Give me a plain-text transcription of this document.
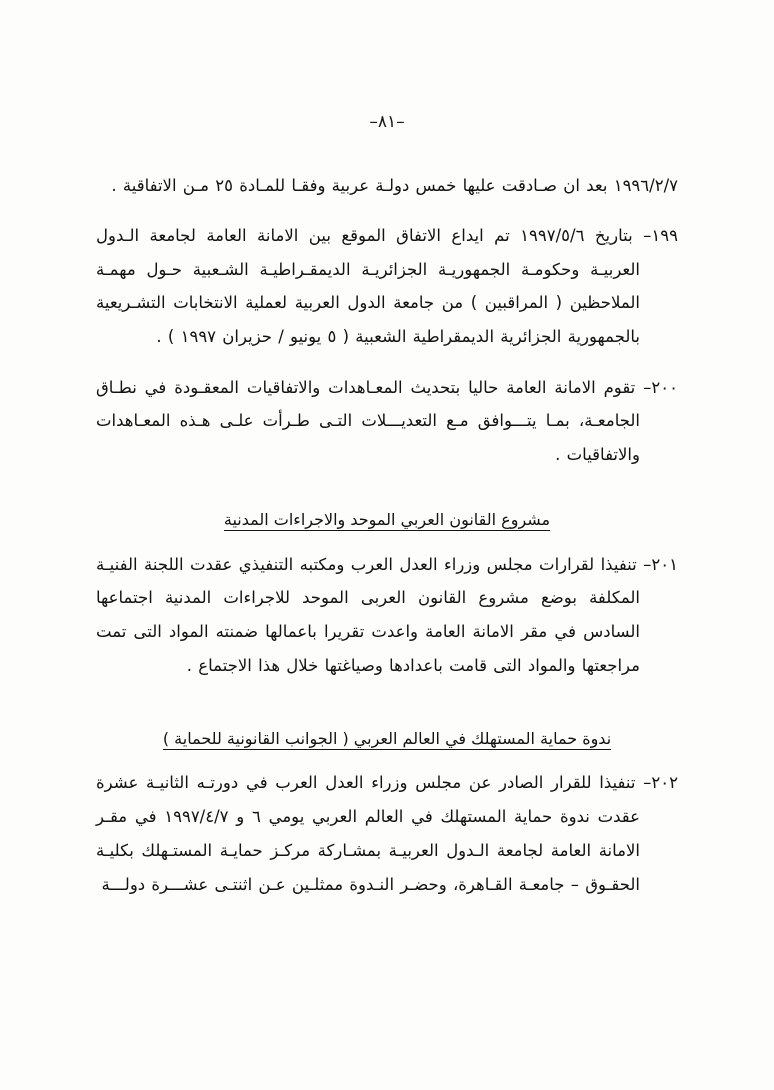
–٨١–

١٩٩٦/٢/٧ بعد ان صـادقت عليها خمس دولـة عربية وفقـا للمـادة ٢٥ مـن الاتفاقية .

١٩٩– بتاريخ ١٩٩٧/٥/٦ تم ايداع الاتفاق الموقع بين الامانة العامة لجامعة الـدول العربيـة وحكومـة الجمهوريـة الجزائريـة الديمقـراطيـة الشـعبية حـول مهمـة الملاحظين ( المراقبين ) من جامعة الدول العربية لعملية الانتخابات التشـريعية بالجمهورية الجزائرية الديمقراطية الشعبية ( ٥ يونيو / حزيران ١٩٩٧ ) .

٢٠٠– تقوم الامانة العامة حاليا بتحديث المعـاهدات والاتفاقيات المعقـودة في نطـاق الجامعـة، بمـا يتـــوافق مـع التعديـــلات التـى طـرأت علـى هـذه المعـاهدات والاتفاقيات .

مشروع القانون العربي الموحد والاجراءات المدنية

٢٠١– تنفيذا لقرارات مجلس وزراء العدل العرب ومكتبه التنفيذي عقدت اللجنة الفنيـة المكلفة بوضع مشروع القانون العربى الموحد للاجراءات المدنية اجتماعها السادس في مقر الامانة العامة واعدت تقريرا باعمالها ضمنته المواد التى تمت مراجعتها والمواد التى قامت باعدادها وصياغتها خلال هذا الاجتماع .

ندوة حماية المستهلك في العالم العربي ( الجوانب القانونية للحماية )

٢٠٢– تنفيذا للقرار الصادر عن مجلس وزراء العدل العرب في دورتـه الثانيـة عشرة عقدت ندوة حماية المستهلك في العالم العربي يومي ٦ و ١٩٩٧/٤/٧ في مقـر الامانة العامة لجامعة الـدول العربيـة بمشـاركة مركـز حمايـة المستـهلك بكليـة الحقـوق – جامعـة القـاهرة، وحضـر النـدوة ممثلـين عـن اثنتـى عشـــرة دولـــة
